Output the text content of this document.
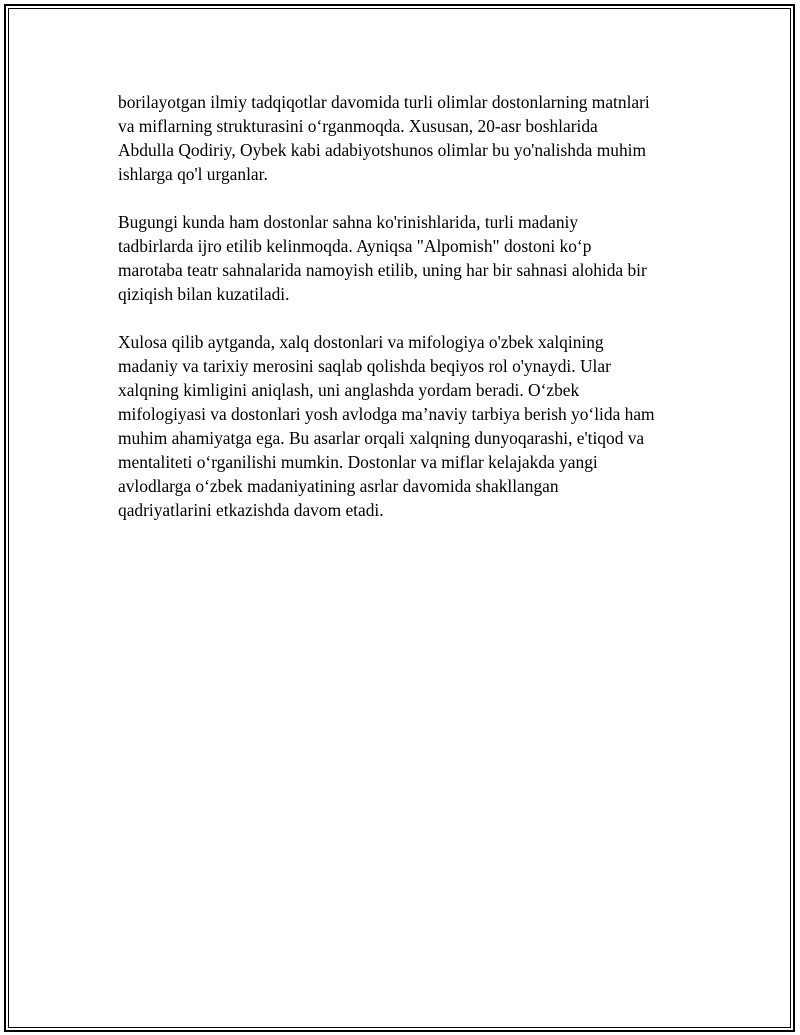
borilayotgan ilmiy tadqiqotlar davomida turli olimlar dostonlarning matnlari
va miflarning strukturasini o‘rganmoqda. Xususan, 20-asr boshlarida
Abdulla Qodiriy, Oybek kabi adabiyotshunos olimlar bu yo'nalishda muhim
ishlarga qo'l urganlar.

Bugungi kunda ham dostonlar sahna ko'rinishlarida, turli madaniy
tadbirlarda ijro etilib kelinmoqda. Ayniqsa "Alpomish" dostoni ko‘p
marotaba teatr sahnalarida namoyish etilib, uning har bir sahnasi alohida bir
qiziqish bilan kuzatiladi.

Xulosa qilib aytganda, xalq dostonlari va mifologiya o'zbek xalqining
madaniy va tarixiy merosini saqlab qolishda beqiyos rol o'ynaydi. Ular
xalqning kimligini aniqlash, uni anglashda yordam beradi. O‘zbek
mifologiyasi va dostonlari yosh avlodga ma’naviy tarbiya berish yo‘lida ham
muhim ahamiyatga ega. Bu asarlar orqali xalqning dunyoqarashi, e'tiqod va
mentaliteti o‘rganilishi mumkin. Dostonlar va miflar kelajakda yangi
avlodlarga o‘zbek madaniyatining asrlar davomida shakllangan
qadriyatlarini etkazishda davom etadi.
